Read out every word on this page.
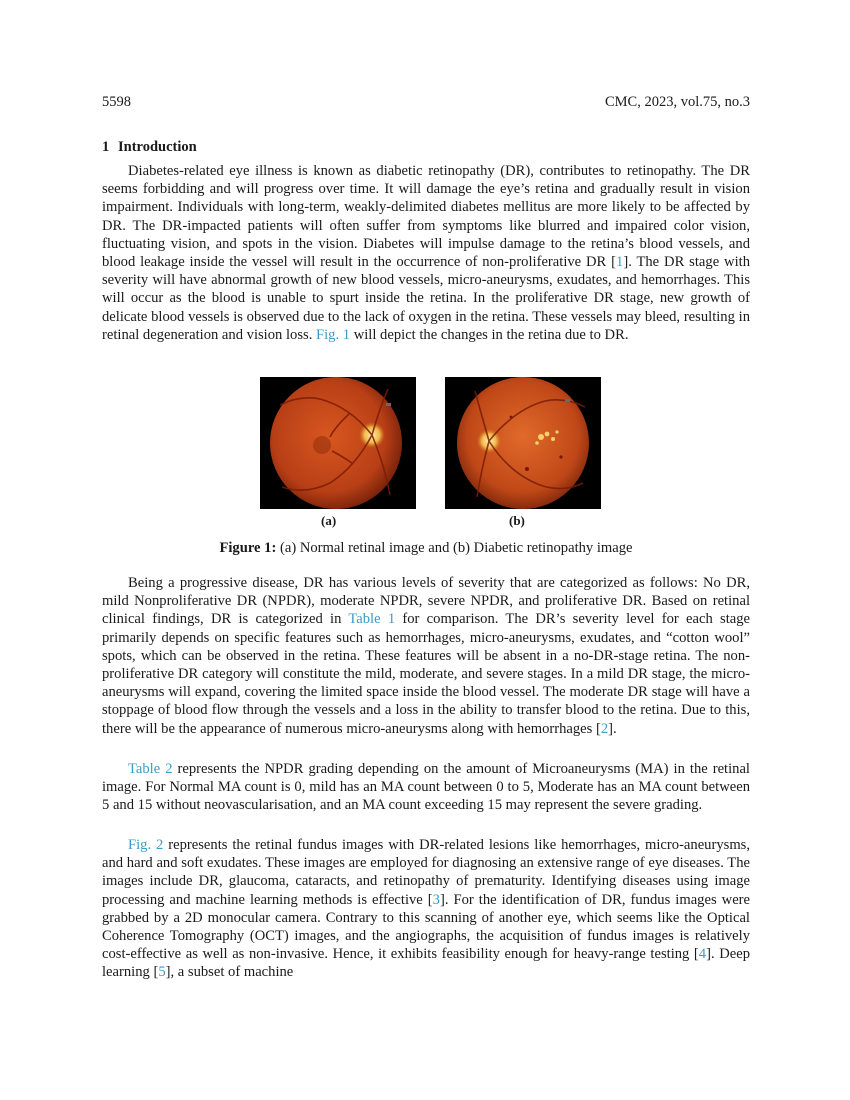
5598	CMC, 2023, vol.75, no.3
1 Introduction

Diabetes-related eye illness is known as diabetic retinopathy (DR), contributes to retinopathy. The DR seems forbidding and will progress over time. It will damage the eye’s retina and gradually result in vision impairment. Individuals with long-term, weakly-delimited diabetes mellitus are more likely to be affected by DR. The DR-impacted patients will often suffer from symptoms like blurred and impaired color vision, fluctuating vision, and spots in the vision. Diabetes will impulse damage to the retina’s blood vessels, and blood leakage inside the vessel will result in the occurrence of non-proliferative DR [1]. The DR stage with severity will have abnormal growth of new blood vessels, micro-aneurysms, exudates, and hemorrhages. This will occur as the blood is unable to spurt inside the retina. In the proliferative DR stage, new growth of delicate blood vessels is observed due to the lack of oxygen in the retina. These vessels may bleed, resulting in retinal degeneration and vision loss. Fig. 1 will depict the changes in the retina due to DR.

(a)	(b)
Figure 1: (a) Normal retinal image and (b) Diabetic retinopathy image

Being a progressive disease, DR has various levels of severity that are categorized as follows: No DR, mild Nonproliferative DR (NPDR), moderate NPDR, severe NPDR, and proliferative DR. Based on retinal clinical findings, DR is categorized in Table 1 for comparison. The DR’s severity level for each stage primarily depends on specific features such as hemorrhages, micro-aneurysms, exudates, and “cotton wool” spots, which can be observed in the retina. These features will be absent in a no-DR-stage retina. The non-proliferative DR category will constitute the mild, moderate, and severe stages. In a mild DR stage, the micro-aneurysms will expand, covering the limited space inside the blood vessel. The moderate DR stage will have a stoppage of blood flow through the vessels and a loss in the ability to transfer blood to the retina. Due to this, there will be the appearance of numerous micro-aneurysms along with hemorrhages [2].

Table 2 represents the NPDR grading depending on the amount of Microaneurysms (MA) in the retinal image. For Normal MA count is 0, mild has an MA count between 0 to 5, Moderate has an MA count between 5 and 15 without neovascularisation, and an MA count exceeding 15 may represent the severe grading.

Fig. 2 represents the retinal fundus images with DR-related lesions like hemorrhages, micro-aneurysms, and hard and soft exudates. These images are employed for diagnosing an extensive range of eye diseases. The images include DR, glaucoma, cataracts, and retinopathy of prematurity. Identifying diseases using image processing and machine learning methods is effective [3]. For the identification of DR, fundus images were grabbed by a 2D monocular camera. Contrary to this scanning of another eye, which seems like the Optical Coherence Tomography (OCT) images, and the angiographs, the acquisition of fundus images is relatively cost-effective as well as non-invasive. Hence, it exhibits feasibility enough for heavy-range testing [4]. Deep learning [5], a subset of machine
